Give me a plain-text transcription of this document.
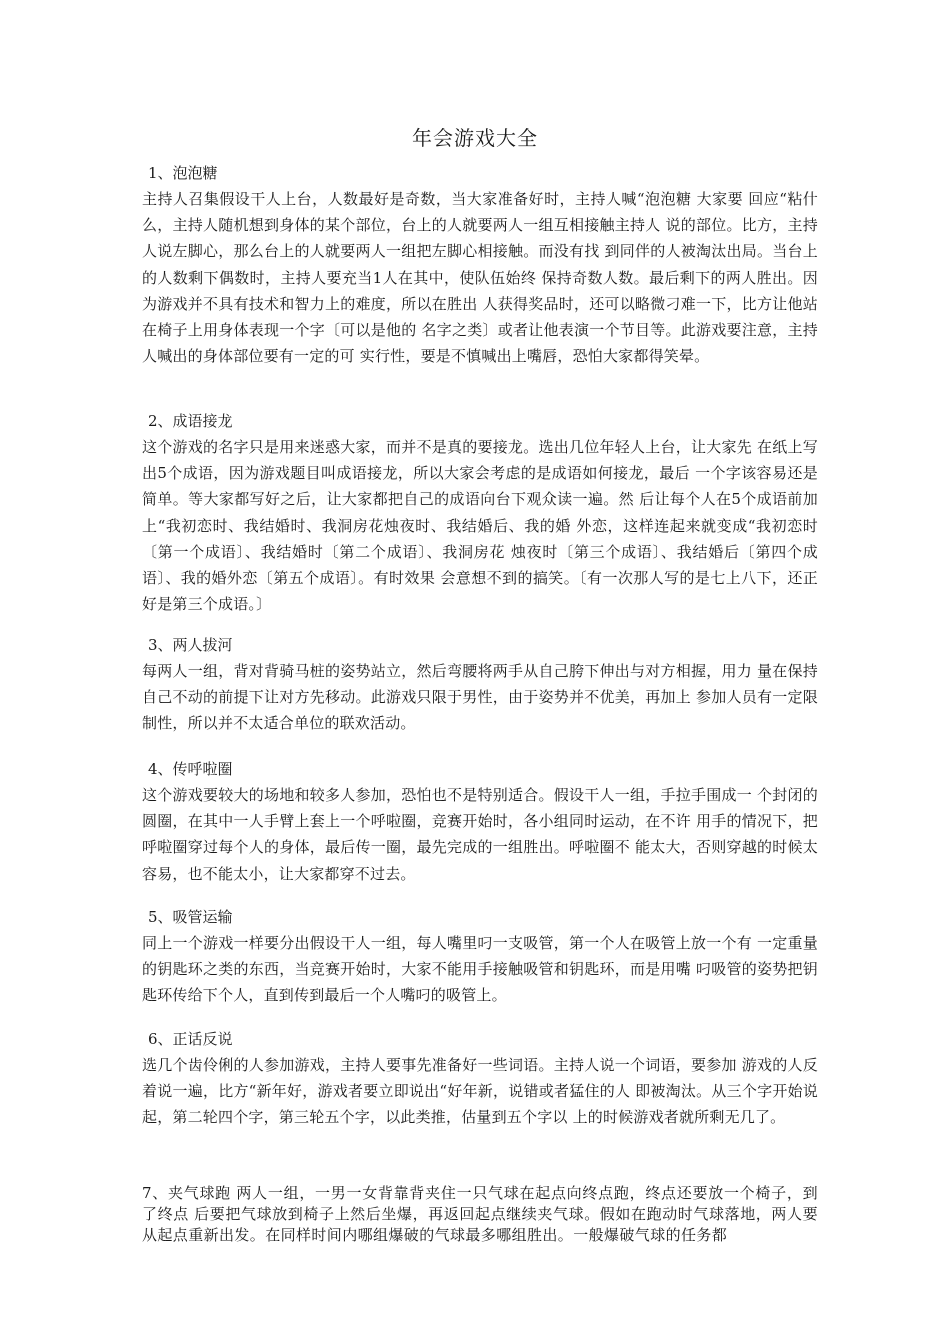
年会游戏大全
1、泡泡糖
主持人召集假设干人上台，人数最好是奇数，当大家准备好时，主持人喊“泡泡糖 大家要 回应“粘什么，主持人随机想到身体的某个部位，台上的人就要两人一组互相接触主持人 说的部位。比方，主持人说左脚心，那么台上的人就要两人一组把左脚心相接触。而没有找 到同伴的人被淘汰出局。当台上的人数剩下偶数时，主持人要充当1人在其中，使队伍始终 保持奇数人数。最后剩下的两人胜出。因为游戏并不具有技术和智力上的难度，所以在胜出 人获得奖品时，还可以略微刁难一下，比方让他站在椅子上用身体表现一个字〔可以是他的 名字之类〕或者让他表演一个节目等。此游戏要注意，主持人喊出的身体部位要有一定的可 实行性，要是不慎喊出上嘴唇，恐怕大家都得笑晕。
2、成语接龙
这个游戏的名字只是用来迷惑大家，而并不是真的要接龙。选出几位年轻人上台，让大家先 在纸上写出5个成语，因为游戏题目叫成语接龙，所以大家会考虑的是成语如何接龙，最后 一个字该容易还是简单。等大家都写好之后，让大家都把自己的成语向台下观众读一遍。然 后让每个人在5个成语前加上“我初恋时、我结婚时、我洞房花烛夜时、我结婚后、我的婚 外恋，这样连起来就变成“我初恋时〔第一个成语〕、我结婚时〔第二个成语〕、我洞房花 烛夜时〔第三个成语〕、我结婚后〔第四个成语〕、我的婚外恋〔第五个成语〕。有时效果 会意想不到的搞笑。〔有一次那人写的是七上八下，还正好是第三个成语。〕
3、两人拔河
每两人一组，背对背骑马桩的姿势站立，然后弯腰将两手从自己胯下伸出与对方相握，用力 量在保持自己不动的前提下让对方先移动。此游戏只限于男性，由于姿势并不优美，再加上 参加人员有一定限制性，所以并不太适合单位的联欢活动。
4、传呼啦圈
这个游戏要较大的场地和较多人参加，恐怕也不是特别适合。假设干人一组，手拉手围成一 个封闭的圆圈，在其中一人手臂上套上一个呼啦圈，竞赛开始时，各小组同时运动，在不许 用手的情况下，把呼啦圈穿过每个人的身体，最后传一圈，最先完成的一组胜出。呼啦圈不 能太大，否则穿越的时候太容易，也不能太小，让大家都穿不过去。
5、吸管运输
同上一个游戏一样要分出假设干人一组，每人嘴里叼一支吸管，第一个人在吸管上放一个有 一定重量的钥匙环之类的东西，当竞赛开始时，大家不能用手接触吸管和钥匙环，而是用嘴 叼吸管的姿势把钥匙环传给下个人，直到传到最后一个人嘴叼的吸管上。
6、正话反说
选几个齿伶俐的人参加游戏，主持人要事先准备好一些词语。主持人说一个词语，要参加 游戏的人反着说一遍，比方“新年好，游戏者要立即说出“好年新，说错或者猛住的人 即被淘汰。从三个字开始说起，第二轮四个字，第三轮五个字，以此类推，估量到五个字以 上的时候游戏者就所剩无几了。
7、夹气球跑 两人一组，一男一女背靠背夹住一只气球在起点向终点跑，终点还要放一个椅子，到了终点 后要把气球放到椅子上然后坐爆，再返回起点继续夹气球。假如在跑动时气球落地，两人要 从起点重新出发。在同样时间内哪组爆破的气球最多哪组胜出。一般爆破气球的任务都
